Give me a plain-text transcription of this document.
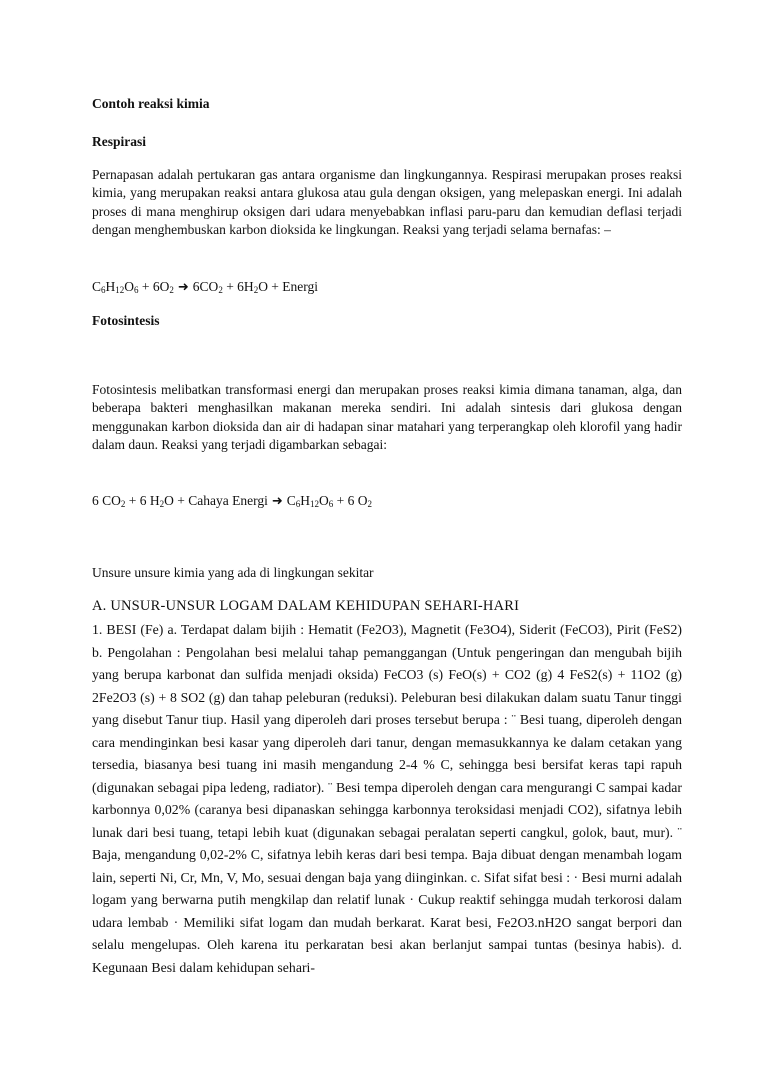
Contoh reaksi kimia
Respirasi
Pernapasan adalah pertukaran gas antara organisme dan lingkungannya. Respirasi merupakan proses reaksi kimia, yang merupakan reaksi antara glukosa atau gula dengan oksigen, yang melepaskan energi. Ini adalah proses di mana menghirup oksigen dari udara menyebabkan inflasi paru-paru dan kemudian deflasi terjadi dengan menghembuskan karbon dioksida ke lingkungan. Reaksi yang terjadi selama bernafas: –
$C_6H_{12}O_6 + 6O_2$ ➜ $6CO_2 + 6H_2O$ + Energi
Fotosintesis
Fotosintesis melibatkan transformasi energi dan merupakan proses reaksi kimia dimana tanaman, alga, dan beberapa bakteri menghasilkan makanan mereka sendiri. Ini adalah sintesis dari glukosa dengan menggunakan karbon dioksida dan air di hadapan sinar matahari yang terperangkap oleh klorofil yang hadir dalam daun. Reaksi yang terjadi digambarkan sebagai:
6 $CO_2 + 6$ $H_2O$ + Cahaya Energi ➜ $C_6H_{12}O_6 + 6$ $O_2$
Unsure unsure kimia yang ada di lingkungan sekitar
A. UNSUR-UNSUR LOGAM DALAM KEHIDUPAN SEHARI-HARI
1. BESI (Fe) a. Terdapat dalam bijih : Hematit (Fe2O3), Magnetit (Fe3O4), Siderit (FeCO3), Pirit (FeS2) b. Pengolahan : Pengolahan besi melalui tahap pemanggangan (Untuk pengeringan dan mengubah bijih yang berupa karbonat dan sulfida menjadi oksida) FeCO3 (s) FeO(s) + CO2 (g) 4 FeS2(s) + 11O2 (g) 2Fe2O3 (s) + 8 SO2 (g) dan tahap peleburan (reduksi). Peleburan besi dilakukan dalam suatu Tanur tinggi yang disebut Tanur tiup. Hasil yang diperoleh dari proses tersebut berupa : ¨ Besi tuang, diperoleh dengan cara mendinginkan besi kasar yang diperoleh dari tanur, dengan memasukkannya ke dalam cetakan yang tersedia, biasanya besi tuang ini masih mengandung 2-4 % C, sehingga besi bersifat keras tapi rapuh (digunakan sebagai pipa ledeng, radiator). ¨ Besi tempa diperoleh dengan cara mengurangi C sampai kadar karbonnya 0,02% (caranya besi dipanaskan sehingga karbonnya teroksidasi menjadi CO2), sifatnya lebih lunak dari besi tuang, tetapi lebih kuat (digunakan sebagai peralatan seperti cangkul, golok, baut, mur). ¨ Baja, mengandung 0,02-2% C, sifatnya lebih keras dari besi tempa. Baja dibuat dengan menambah logam lain, seperti Ni, Cr, Mn, V, Mo, sesuai dengan baja yang diinginkan. c. Sifat sifat besi : · Besi murni adalah logam yang berwarna putih mengkilap dan relatif lunak · Cukup reaktif sehingga mudah terkorosi dalam udara lembab · Memiliki sifat logam dan mudah berkarat. Karat besi, Fe2O3.nH2O sangat berpori dan selalu mengelupas. Oleh karena itu perkaratan besi akan berlanjut sampai tuntas (besinya habis). d. Kegunaan Besi dalam kehidupan sehari-
